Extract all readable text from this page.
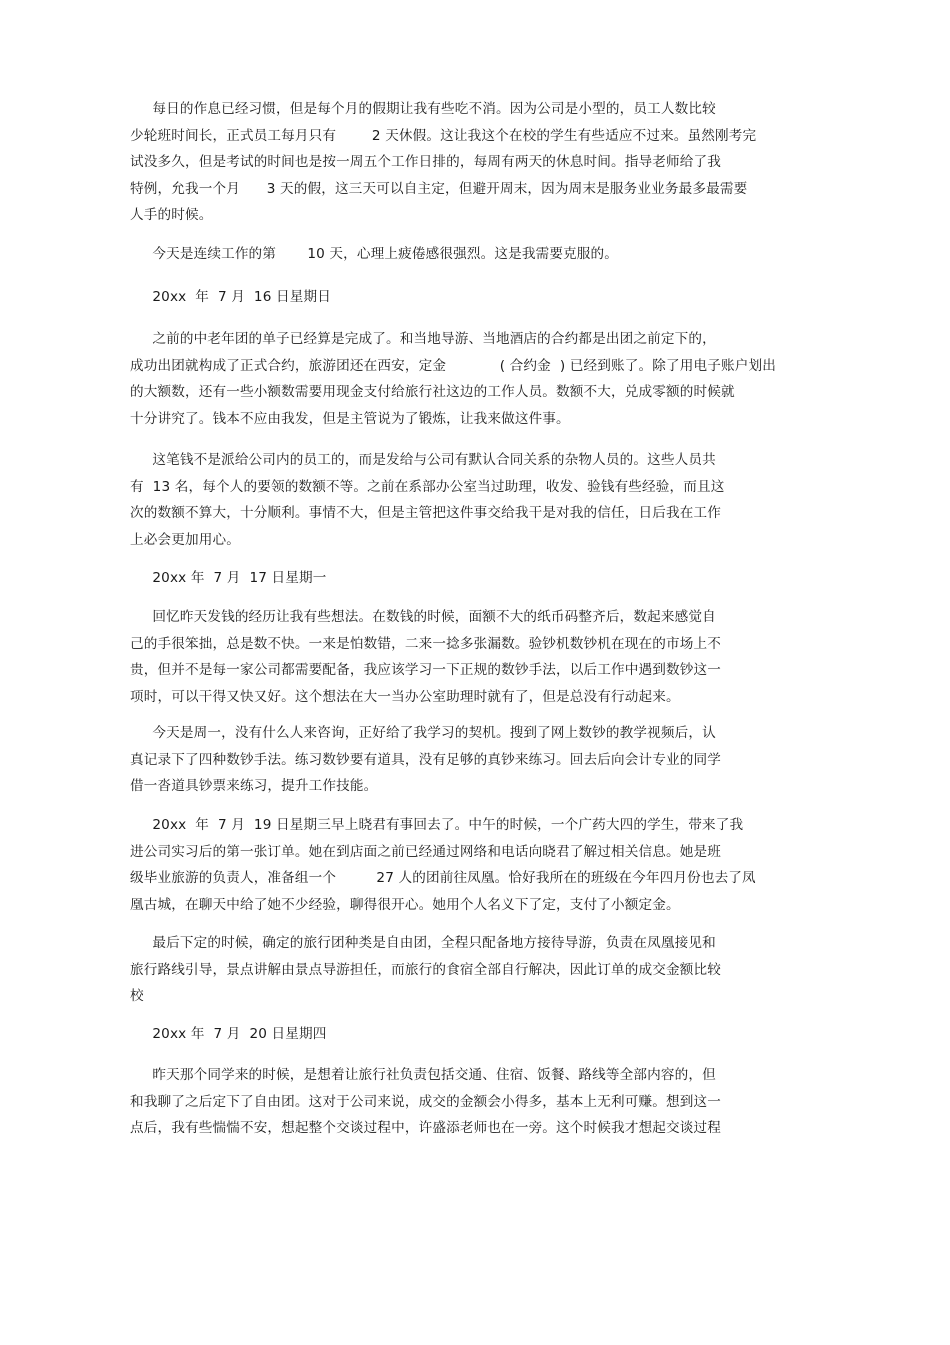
每日的作息已经习惯，但是每个月的假期让我有些吃不消。因为公司是小型的，员工人数比较
少轮班时间长，正式员工每月只有        2 天休假。这让我这个在校的学生有些适应不过来。虽然刚考完
试没多久，但是考试的时间也是按一周五个工作日排的，每周有两天的休息时间。指导老师给了我
特例，允我一个月      3 天的假，这三天可以自主定，但避开周末，因为周末是服务业业务最多最需要
人手的时候。
今天是连续工作的第       10 天，心理上疲倦感很强烈。这是我需要克服的。
20xx  年  7 月  16 日星期日
之前的中老年团的单子已经算是完成了。和当地导游、当地酒店的合约都是出团之前定下的，
成功出团就构成了正式合约，旅游团还在西安，定金            ( 合约金  ) 已经到账了。除了用电子账户划出
的大额数，还有一些小额数需要用现金支付给旅行社这边的工作人员。数额不大，兑成零额的时候就
十分讲究了。钱本不应由我发，但是主管说为了锻炼，让我来做这件事。
这笔钱不是派给公司内的员工的，而是发给与公司有默认合同关系的杂物人员的。这些人员共
有  13 名，每个人的要领的数额不等。之前在系部办公室当过助理，收发、验钱有些经验，而且这
次的数额不算大，十分顺利。事情不大，但是主管把这件事交给我干是对我的信任，日后我在工作
上必会更加用心。
20xx 年  7 月  17 日星期一
回忆昨天发钱的经历让我有些想法。在数钱的时候，面额不大的纸币码整齐后，数起来感觉自
己的手很笨拙，总是数不快。一来是怕数错，二来一捻多张漏数。验钞机数钞机在现在的市场上不
贵，但并不是每一家公司都需要配备，我应该学习一下正规的数钞手法，以后工作中遇到数钞这一
项时，可以干得又快又好。这个想法在大一当办公室助理时就有了，但是总没有行动起来。
今天是周一，没有什么人来咨询，正好给了我学习的契机。搜到了网上数钞的教学视频后，认
真记录下了四种数钞手法。练习数钞要有道具，没有足够的真钞来练习。回去后向会计专业的同学
借一沓道具钞票来练习，提升工作技能。
20xx  年  7 月  19 日星期三早上晓君有事回去了。中午的时候，一个广药大四的学生，带来了我
进公司实习后的第一张订单。她在到店面之前已经通过网络和电话向晓君了解过相关信息。她是班
级毕业旅游的负责人，准备组一个         27 人的团前往凤凰。恰好我所在的班级在今年四月份也去了凤
凰古城，在聊天中给了她不少经验，聊得很开心。她用个人名义下了定，支付了小额定金。
最后下定的时候，确定的旅行团种类是自由团，全程只配备地方接待导游，负责在凤凰接见和
旅行路线引导，景点讲解由景点导游担任，而旅行的食宿全部自行解决，因此订单的成交金额比较
校
20xx 年  7 月  20 日星期四
昨天那个同学来的时候，是想着让旅行社负责包括交通、住宿、饭餐、路线等全部内容的，但
和我聊了之后定下了自由团。这对于公司来说，成交的金额会小得多，基本上无利可赚。想到这一
点后，我有些惴惴不安，想起整个交谈过程中，许盛添老师也在一旁。这个时候我才想起交谈过程
